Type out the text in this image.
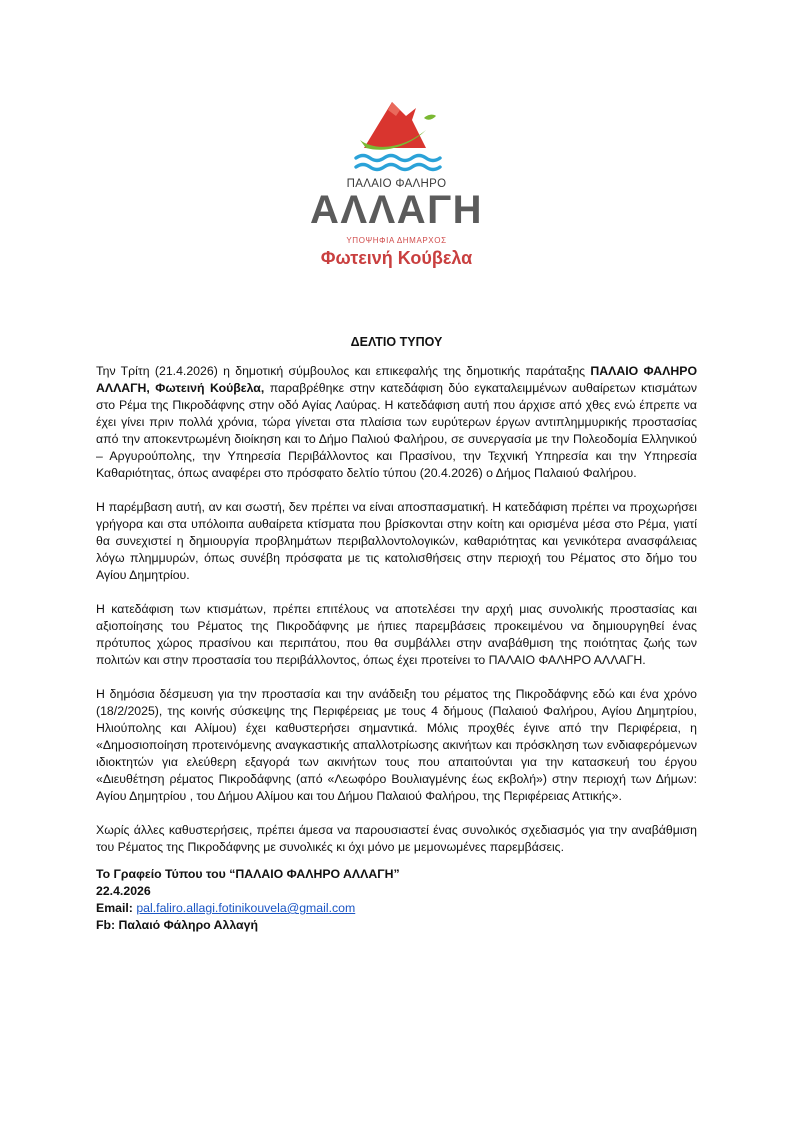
ΠΑΛΑΙΟ ΦΑΛΗΡΟ
ΑΛΛΑΓΗ
ΥΠΟΨΗΦΙΑ ΔΗΜΑΡΧΟΣ
Φωτεινή Κούβελα
ΔΕΛΤΙΟ ΤΥΠΟΥ

Την Τρίτη (21.4.2026) η δημοτική σύμβουλος και επικεφαλής της δημοτικής παράταξης ΠΑΛΑΙΟ ΦΑΛΗΡΟ ΑΛΛΑΓΗ, Φωτεινή Κούβελα, παραβρέθηκε στην κατεδάφιση δύο εγκαταλειμμένων αυθαίρετων κτισμάτων στο Ρέμα της Πικροδάφνης στην οδό Αγίας Λαύρας. Η κατεδάφιση αυτή που άρχισε από χθες ενώ έπρεπε να έχει γίνει πριν πολλά χρόνια, τώρα γίνεται στα πλαίσια των ευρύτερων έργων αντιπλημμυρικής προστασίας από την αποκεντρωμένη διοίκηση και το Δήμο Παλιού Φαλήρου, σε συνεργασία με την Πολεοδομία Ελληνικού – Αργυρούπολης, την Υπηρεσία Περιβάλλοντος και Πρασίνου, την Τεχνική Υπηρεσία και την Υπηρεσία Καθαριότητας, όπως αναφέρει στο πρόσφατο δελτίο τύπου (20.4.2026) ο Δήμος Παλαιού Φαλήρου.

Η παρέμβαση αυτή, αν και σωστή, δεν πρέπει να είναι αποσπασματική. Η κατεδάφιση πρέπει να προχωρήσει γρήγορα και στα υπόλοιπα αυθαίρετα κτίσματα που βρίσκονται στην κοίτη και ορισμένα μέσα στο Ρέμα, γιατί θα συνεχιστεί η δημιουργία προβλημάτων περιβαλλοντολογικών, καθαριότητας και γενικότερα ανασφάλειας λόγω πλημμυρών, όπως συνέβη πρόσφατα με τις κατολισθήσεις στην περιοχή του Ρέματος στο δήμο του Αγίου Δημητρίου.

Η κατεδάφιση των κτισμάτων, πρέπει επιτέλους να αποτελέσει την αρχή μιας συνολικής προστασίας και αξιοποίησης του Ρέματος της Πικροδάφνης με ήπιες παρεμβάσεις προκειμένου να δημιουργηθεί ένας πρότυπος χώρος πρασίνου και περιπάτου, που θα συμβάλλει στην αναβάθμιση της ποιότητας ζωής των πολιτών και στην προστασία του περιβάλλοντος, όπως έχει προτείνει το ΠΑΛΑΙΟ ΦΑΛΗΡΟ ΑΛΛΑΓΗ.

Η δημόσια δέσμευση για την προστασία και την ανάδειξη του ρέματος της Πικροδάφνης εδώ και ένα χρόνο (18/2/2025), της κοινής σύσκεψης της Περιφέρειας με τους 4 δήμους (Παλαιού Φαλήρου, Αγίου Δημητρίου, Ηλιούπολης και Αλίμου) έχει καθυστερήσει σημαντικά. Μόλις προχθές έγινε από την Περιφέρεια, η «Δημοσιοποίηση προτεινόμενης αναγκαστικής απαλλοτρίωσης ακινήτων και πρόσκληση των ενδιαφερόμενων ιδιοκτητών για ελεύθερη εξαγορά των ακινήτων τους που απαιτούνται για την κατασκευή του έργου «Διευθέτηση ρέματος Πικροδάφνης (από «Λεωφόρο Βουλιαγμένης έως εκβολή») στην περιοχή των Δήμων: Αγίου Δημητρίου , του Δήμου Αλίμου και του Δήμου Παλαιού Φαλήρου, της Περιφέρειας Αττικής».

Χωρίς άλλες καθυστερήσεις, πρέπει άμεσα να παρουσιαστεί ένας συνολικός σχεδιασμός για την αναβάθμιση του Ρέματος της Πικροδάφνης με συνολικές κι όχι μόνο με μεμονωμένες παρεμβάσεις.

Το Γραφείο Τύπου του “ΠΑΛΑΙΟ ΦΑΛΗΡΟ ΑΛΛΑΓΗ”
22.4.2026
Email: pal.faliro.allagi.fotinikouvela@gmail.com
Fb: Παλαιό Φάληρο Αλλαγή
